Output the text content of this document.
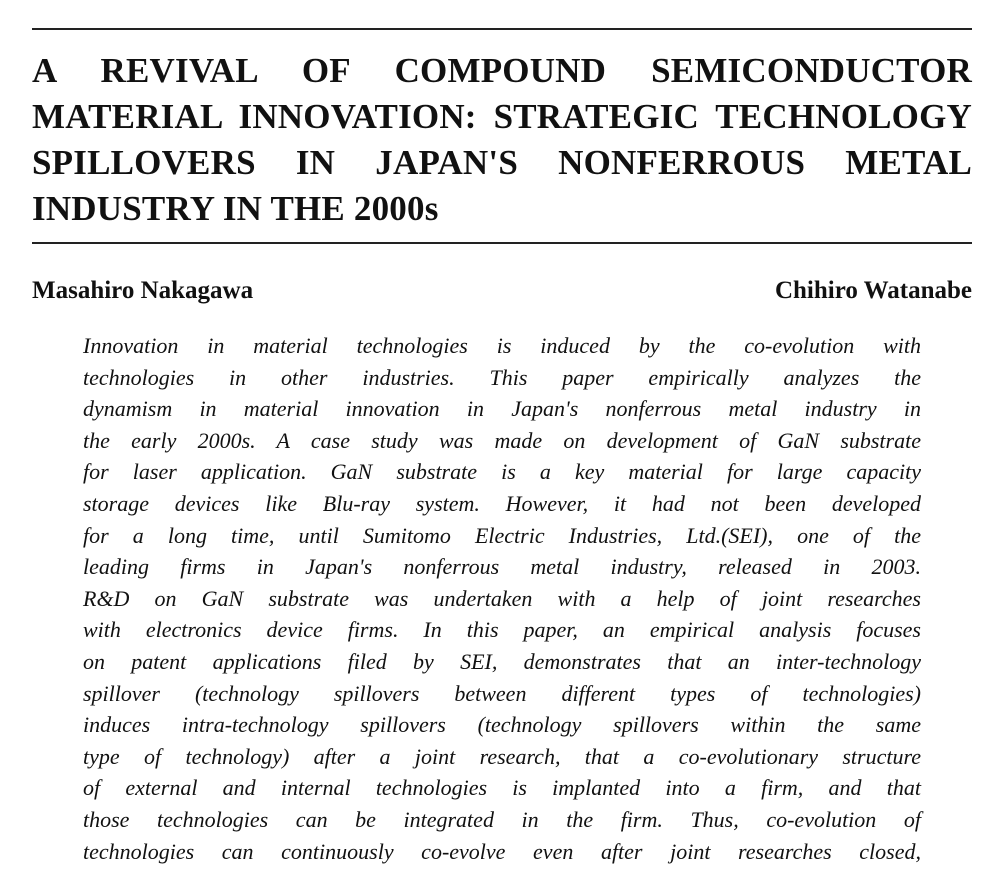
A REVIVAL OF COMPOUND SEMICONDUCTOR
MATERIAL INNOVATION: STRATEGIC TECHNOLOGY
SPILLOVERS IN JAPAN'S NONFERROUS METAL
INDUSTRY IN THE 2000s
Masahiro Nakagawa	Chihiro Watanabe
Innovation in material technologies is induced by the co-evolution with
technologies in other industries. This paper empirically analyzes the
dynamism in material innovation in Japan's nonferrous metal industry in
the early 2000s. A case study was made on development of GaN substrate
for laser application. GaN substrate is a key material for large capacity
storage devices like Blu-ray system. However, it had not been developed
for a long time, until Sumitomo Electric Industries, Ltd.(SEI), one of the
leading firms in Japan's nonferrous metal industry, released in 2003.
R&D on GaN substrate was undertaken with a help of joint researches
with electronics device firms. In this paper, an empirical analysis focuses
on patent applications filed by SEI, demonstrates that an inter-technology
spillover (technology spillovers between different types of technologies)
induces intra-technology spillovers (technology spillovers within the same
type of technology) after a joint research, that a co-evolutionary structure
of external and internal technologies is implanted into a firm, and that
those technologies can be integrated in the firm. Thus, co-evolution of
technologies can continuously co-evolve even after joint researches closed,
